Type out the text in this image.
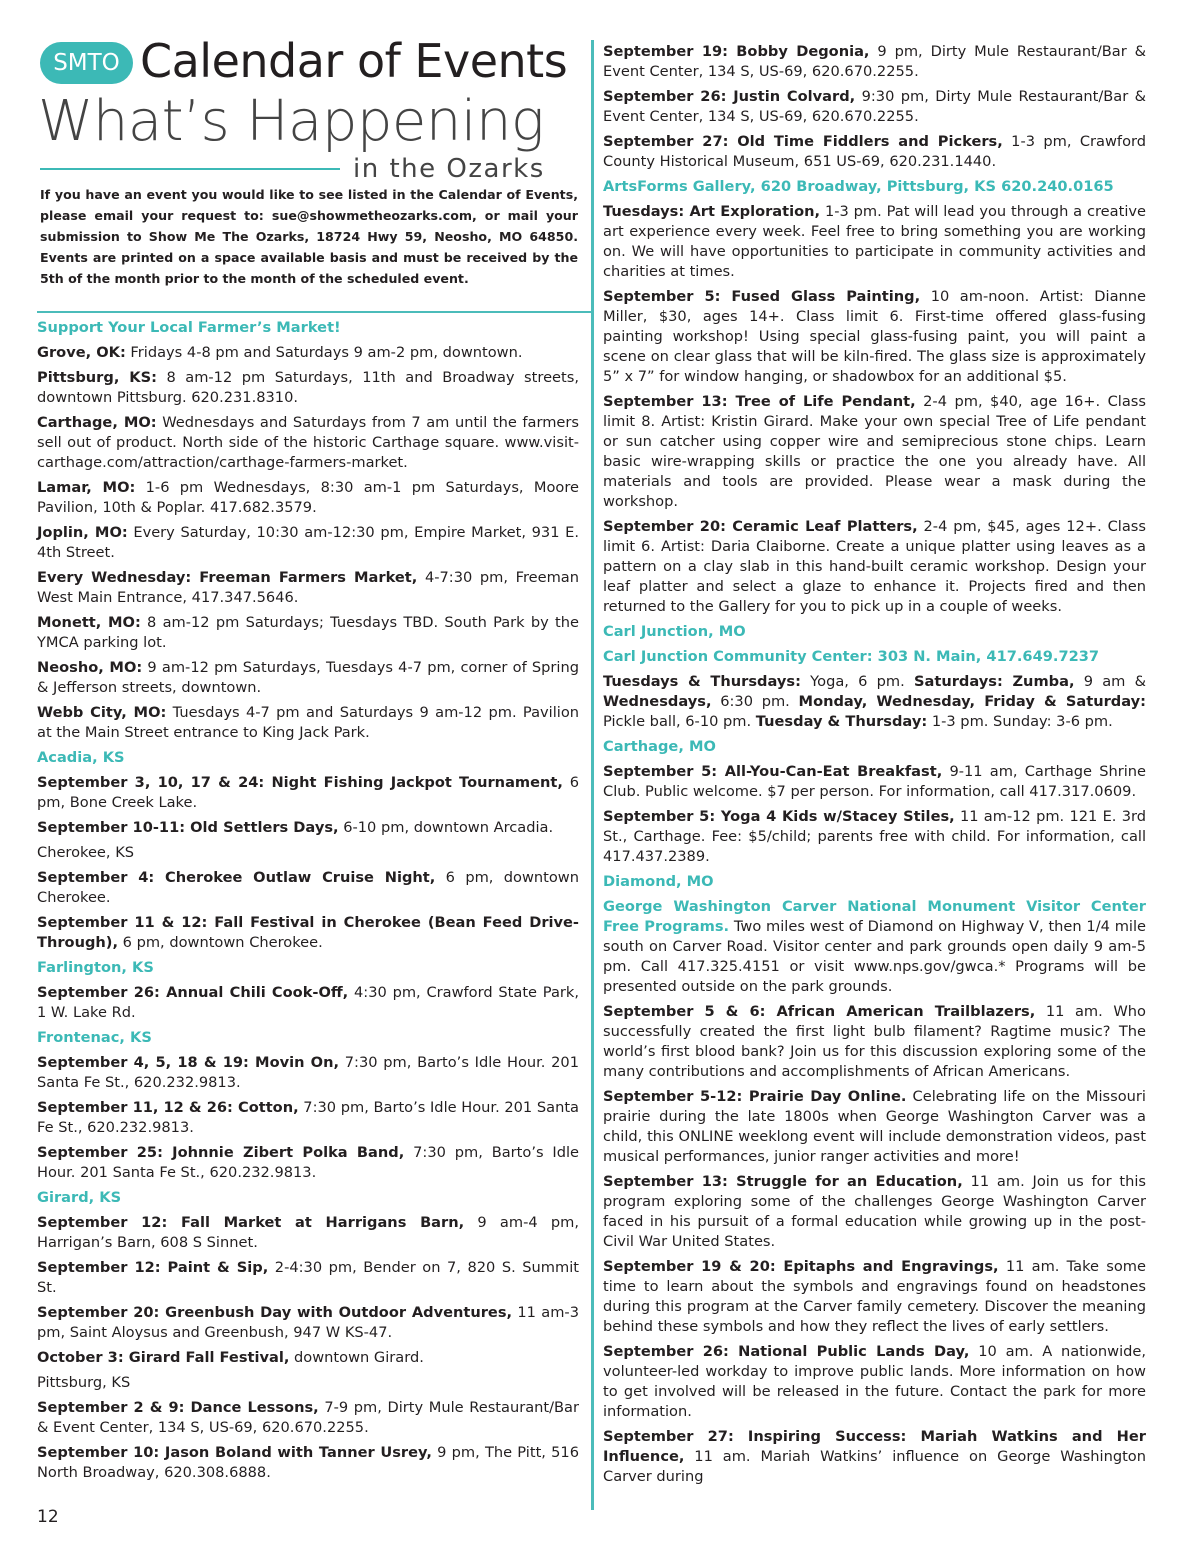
SMTO Calendar of Events
What’s Happening
in the Ozarks
If you have an event you would like to see listed in the Calendar of Events, please email your request to: sue@showmetheozarks.com, or mail your submission to Show Me The Ozarks, 18724 Hwy 59, Neosho, MO 64850. Events are printed on a space available basis and must be received by the 5th of the month prior to the month of the scheduled event.
Support Your Local Farmer’s Market!

Grove, OK: Fridays 4-8 pm and Saturdays 9 am-2 pm, downtown.

Pittsburg, KS: 8 am-12 pm Saturdays, 11th and Broadway streets, downtown Pittsburg. 620.231.8310.

Carthage, MO: Wednesdays and Saturdays from 7 am until the farmers sell out of product. North side of the historic Carthage square. www.visit-carthage.com/attraction/carthage-farmers-market.

Lamar, MO: 1-6 pm Wednesdays, 8:30 am-1 pm Saturdays, Moore Pavilion, 10th & Poplar. 417.682.3579.

Joplin, MO: Every Saturday, 10:30 am-12:30 pm, Empire Market, 931 E. 4th Street.

Every Wednesday: Freeman Farmers Market, 4-7:30 pm, Freeman West Main Entrance, 417.347.5646.

Monett, MO: 8 am-12 pm Saturdays; Tuesdays TBD. South Park by the YMCA parking lot.

Neosho, MO: 9 am-12 pm Saturdays, Tuesdays 4-7 pm, corner of Spring & Jefferson streets, downtown.

Webb City, MO: Tuesdays 4-7 pm and Saturdays 9 am-12 pm. Pavilion at the Main Street entrance to King Jack Park.

Acadia, KS

September 3, 10, 17 & 24: Night Fishing Jackpot Tournament, 6 pm, Bone Creek Lake.

September 10-11: Old Settlers Days, 6-10 pm, downtown Arcadia.

Cherokee, KS

September 4: Cherokee Outlaw Cruise Night, 6 pm, downtown Cherokee.

September 11 & 12: Fall Festival in Cherokee (Bean Feed Drive-Through), 6 pm, downtown Cherokee.

Farlington, KS

September 26: Annual Chili Cook-Off, 4:30 pm, Crawford State Park, 1 W. Lake Rd.

Frontenac, KS

September 4, 5, 18 & 19: Movin On, 7:30 pm, Barto’s Idle Hour. 201 Santa Fe St., 620.232.9813.

September 11, 12 & 26: Cotton, 7:30 pm, Barto’s Idle Hour. 201 Santa Fe St., 620.232.9813.

September 25: Johnnie Zibert Polka Band, 7:30 pm, Barto’s Idle Hour. 201 Santa Fe St., 620.232.9813.

Girard, KS

September 12: Fall Market at Harrigans Barn, 9 am-4 pm, Harrigan’s Barn, 608 S Sinnet.

September 12: Paint & Sip, 2-4:30 pm, Bender on 7, 820 S. Summit St.

September 20: Greenbush Day with Outdoor Adventures, 11 am-3 pm, Saint Aloysus and Greenbush, 947 W KS-47.

October 3: Girard Fall Festival, downtown Girard.

Pittsburg, KS

September 2 & 9: Dance Lessons, 7-9 pm, Dirty Mule Restaurant/Bar & Event Center, 134 S, US-69, 620.670.2255.

September 10: Jason Boland with Tanner Usrey, 9 pm, The Pitt, 516 North Broadway, 620.308.6888.

September 19: Bobby Degonia, 9 pm, Dirty Mule Restaurant/Bar & Event Center, 134 S, US-69, 620.670.2255.

September 26: Justin Colvard, 9:30 pm, Dirty Mule Restaurant/Bar & Event Center, 134 S, US-69, 620.670.2255.

September 27: Old Time Fiddlers and Pickers, 1-3 pm, Crawford County Historical Museum, 651 US-69, 620.231.1440.

ArtsForms Gallery, 620 Broadway, Pittsburg, KS 620.240.0165

Tuesdays: Art Exploration, 1-3 pm. Pat will lead you through a creative art experience every week. Feel free to bring something you are working on. We will have opportunities to participate in community activities and charities at times.

September 5: Fused Glass Painting, 10 am-noon. Artist: Dianne Miller, $30, ages 14+. Class limit 6. First-time offered glass-fusing painting workshop! Using special glass-fusing paint, you will paint a scene on clear glass that will be kiln-fired. The glass size is approximately 5” x 7” for window hanging, or shadowbox for an additional $5.

September 13: Tree of Life Pendant, 2-4 pm, $40, age 16+. Class limit 8. Artist: Kristin Girard. Make your own special Tree of Life pendant or sun catcher using copper wire and semiprecious stone chips. Learn basic wire-wrapping skills or practice the one you already have. All materials and tools are provided. Please wear a mask during the workshop.

September 20: Ceramic Leaf Platters, 2-4 pm, $45, ages 12+. Class limit 6. Artist: Daria Claiborne. Create a unique platter using leaves as a pattern on a clay slab in this hand-built ceramic workshop. Design your leaf platter and select a glaze to enhance it. Projects fired and then returned to the Gallery for you to pick up in a couple of weeks.

Carl Junction, MO
Carl Junction Community Center: 303 N. Main, 417.649.7237

Tuesdays & Thursdays: Yoga, 6 pm. Saturdays: Zumba, 9 am & Wednesdays, 6:30 pm. Monday, Wednesday, Friday & Saturday: Pickle ball, 6-10 pm. Tuesday & Thursday: 1-3 pm. Sunday: 3-6 pm.

Carthage, MO

September 5: All-You-Can-Eat Breakfast, 9-11 am, Carthage Shrine Club. Public welcome. $7 per person. For information, call 417.317.0609.

September 5: Yoga 4 Kids w/Stacey Stiles, 11 am-12 pm. 121 E. 3rd St., Carthage. Fee: $5/child; parents free with child. For information, call 417.437.2389.

Diamond, MO

George Washington Carver National Monument Visitor Center Free Programs. Two miles west of Diamond on Highway V, then 1/4 mile south on Carver Road. Visitor center and park grounds open daily 9 am-5 pm. Call 417.325.4151 or visit www.nps.gov/gwca.* Programs will be presented outside on the park grounds.

September 5 & 6: African American Trailblazers, 11 am. Who successfully created the first light bulb filament? Ragtime music? The world’s first blood bank? Join us for this discussion exploring some of the many contributions and accomplishments of African Americans.

September 5-12: Prairie Day Online. Celebrating life on the Missouri prairie during the late 1800s when George Washington Carver was a child, this ONLINE weeklong event will include demonstration videos, past musical performances, junior ranger activities and more!

September 13: Struggle for an Education, 11 am. Join us for this program exploring some of the challenges George Washington Carver faced in his pursuit of a formal education while growing up in the post-Civil War United States.

September 19 & 20: Epitaphs and Engravings, 11 am. Take some time to learn about the symbols and engravings found on headstones during this program at the Carver family cemetery. Discover the meaning behind these symbols and how they reflect the lives of early settlers.

September 26: National Public Lands Day, 10 am. A nationwide, volunteer-led workday to improve public lands. More information on how to get involved will be released in the future. Contact the park for more information.

September 27: Inspiring Success: Mariah Watkins and Her Influence, 11 am. Mariah Watkins’ influence on George Washington Carver during

12
